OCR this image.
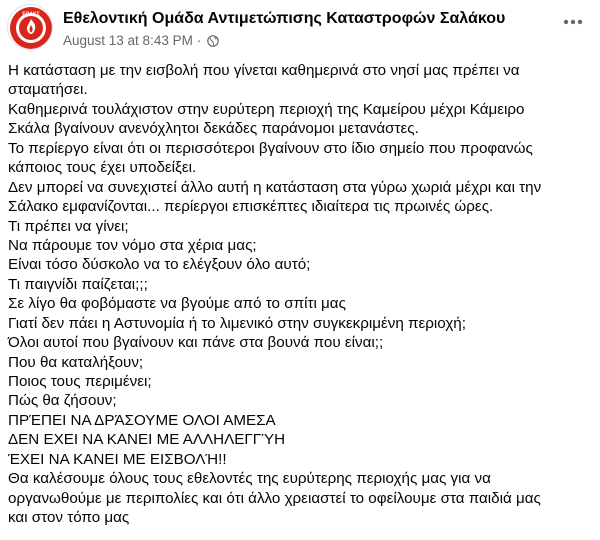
ΕΟΑΚΣ Εθελοντική Ομάδα Αντιμετώπισης Καταστροφών Σαλάκου
August 13 at 8:43 PM ·
Η κατάσταση με την εισβολή που γίνεται καθημερινά στο νησί μας πρέπει να
σταματήσει.
Καθημερινά τουλάχιστον στην ευρύτερη περιοχή της Καμείρου μέχρι Κάμειρο
Σκάλα βγαίνουν ανενόχλητοι δεκάδες παράνομοι μετανάστες.
Το περίεργο είναι ότι οι περισσότεροι βγαίνουν στο ίδιο σημείο που προφανώς
κάποιος τους έχει υποδείξει.
Δεν μπορεί να συνεχιστεί άλλο αυτή η κατάσταση στα γύρω χωριά μέχρι και την
Σάλακο εμφανίζονται... περίεργοι επισκέπτες ιδιαίτερα τις πρωινές ώρες.
Τι πρέπει να γίνει;
Να πάρουμε τον νόμο στα χέρια μας;
Είναι τόσο δύσκολο να το ελέγξουν όλο αυτό;
Τι παιγνίδι παίζεται;;;
Σε λίγο θα φοβόμαστε να βγούμε από το σπίτι μας
Γιατί δεν πάει η Αστυνομία ή το λιμενικό στην συγκεκριμένη περιοχή;
Όλοι αυτοί που βγαίνουν και πάνε στα βουνά που είναι;;
Που θα καταλήξουν;
Ποιος τους περιμένει;
Πώς θα ζήσουν;
ΠΡΈΠΕΙ ΝΑ ΔΡΆΣΟΥΜΕ ΟΛΟΙ ΑΜΕΣΑ
ΔΕΝ ΕΧΕΙ ΝΑ ΚΑΝΕΙ ΜΕ ΑΛΛΗΛΕΓΓΎΗ
ΈΧΕΙ ΝΑ ΚΑΝΕΙ ΜΕ ΕΙΣΒΟΛΉ!!
Θα καλέσουμε όλους τους εθελοντές της ευρύτερης περιοχής μας για να
οργανωθούμε με περιπολίες και ότι άλλο χρειαστεί το οφείλουμε στα παιδιά μας
και στον τόπο μας
